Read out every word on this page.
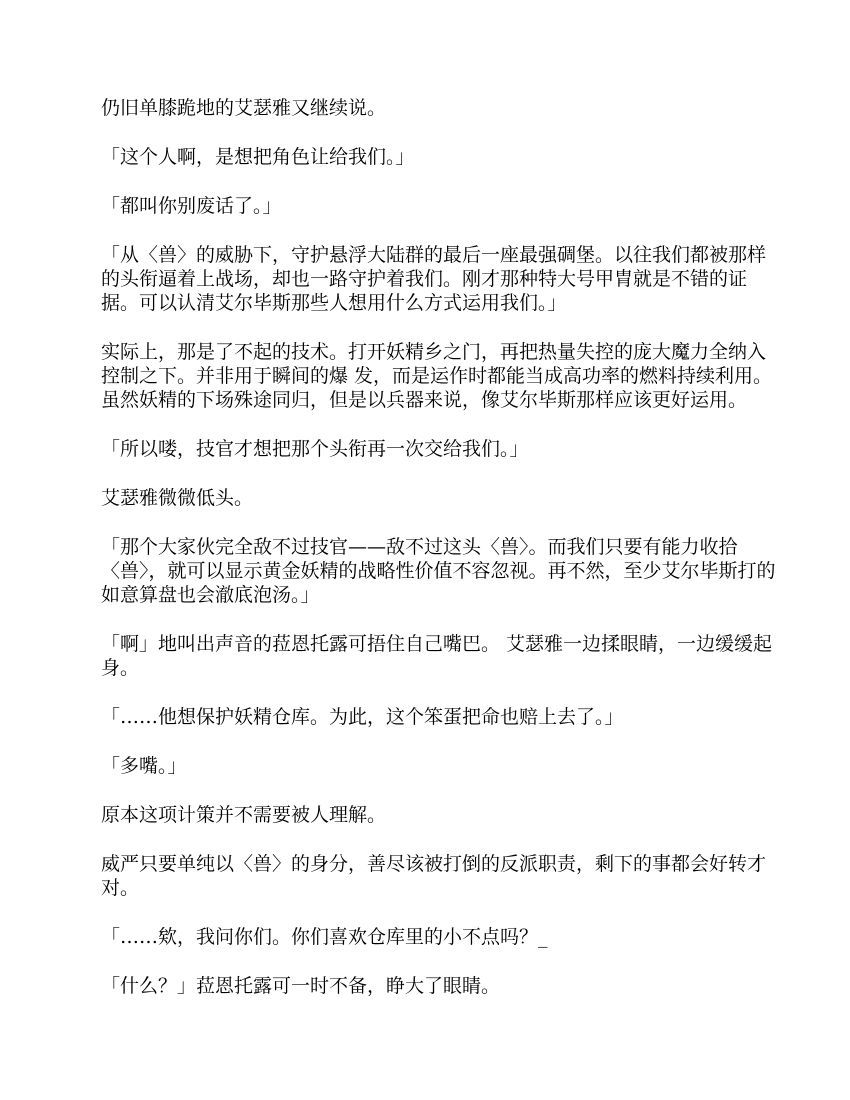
仍旧单膝跪地的艾瑟雅又继续说。

「这个人啊，是想把角色让给我们。」

「都叫你别废话了。」

「从〈兽〉的威胁下，守护悬浮大陆群的最后一座最强碉堡。以往我们都被那样的头衔逼着上战场，却也一路守护着我们。刚才那种特大号甲胄就是不错的证据。可以认清艾尔毕斯那些人想用什么方式运用我们。」

实际上，那是了不起的技术。打开妖精乡之门，再把热量失控的庞大魔力全纳入控制之下。并非用于瞬间的爆 发，而是运作时都能当成高功率的燃料持续利用。虽然妖精的下场殊途同归，但是以兵器来说，像艾尔毕斯那样应该更好运用。

「所以喽，技官才想把那个头衔再一次交给我们。」

艾瑟雅微微低头。

「那个大家伙完全敌不过技官——敌不过这头〈兽〉。而我们只要有能力收拾〈兽〉，就可以显示黄金妖精的战略性价值不容忽视。再不然，至少艾尔毕斯打的如意算盘也会澈底泡汤。」

「啊」地叫出声音的菈恩托露可捂住自己嘴巴。 艾瑟雅一边揉眼睛，一边缓缓起身。

「……他想保护妖精仓库。为此，这个笨蛋把命也赔上去了。」

「多嘴。」

原本这项计策并不需要被人理解。

威严只要单纯以〈兽〉的身分，善尽该被打倒的反派职责，剩下的事都会好转才对。

「……欸，我问你们。你们喜欢仓库里的小不点吗？_

「什么？」菈恩托露可一时不备，睁大了眼睛。
